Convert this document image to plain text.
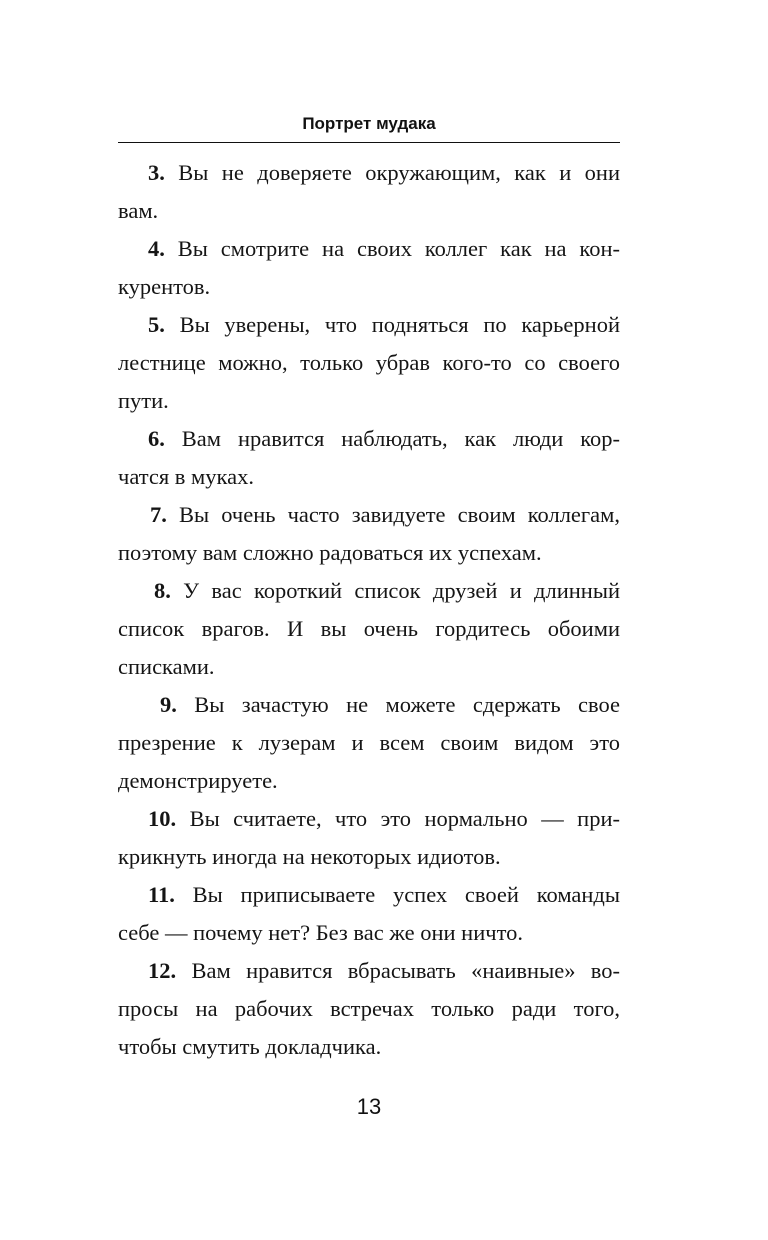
Портрет мудака
3. Вы не доверяете окружающим, как и они
вам.
4. Вы смотрите на своих коллег как на кон-
курентов.
5. Вы уверены, что подняться по карьерной
лестнице можно, только убрав кого-то со своего
пути.
6. Вам нравится наблюдать, как люди кор-
чатся в муках.
7. Вы очень часто завидуете своим коллегам,
поэтому вам сложно радоваться их успехам.
8. У вас короткий список друзей и длинный
список врагов. И вы очень гордитесь обоими
списками.
9. Вы зачастую не можете сдержать свое
презрение к лузерам и всем своим видом это
демонстрируете.
10. Вы считаете, что это нормально — при-
крикнуть иногда на некоторых идиотов.
11. Вы приписываете успех своей команды
себе — почему нет? Без вас же они ничто.
12. Вам нравится вбрасывать «наивные» во-
просы на рабочих встречах только ради того,
чтобы смутить докладчика.
13
